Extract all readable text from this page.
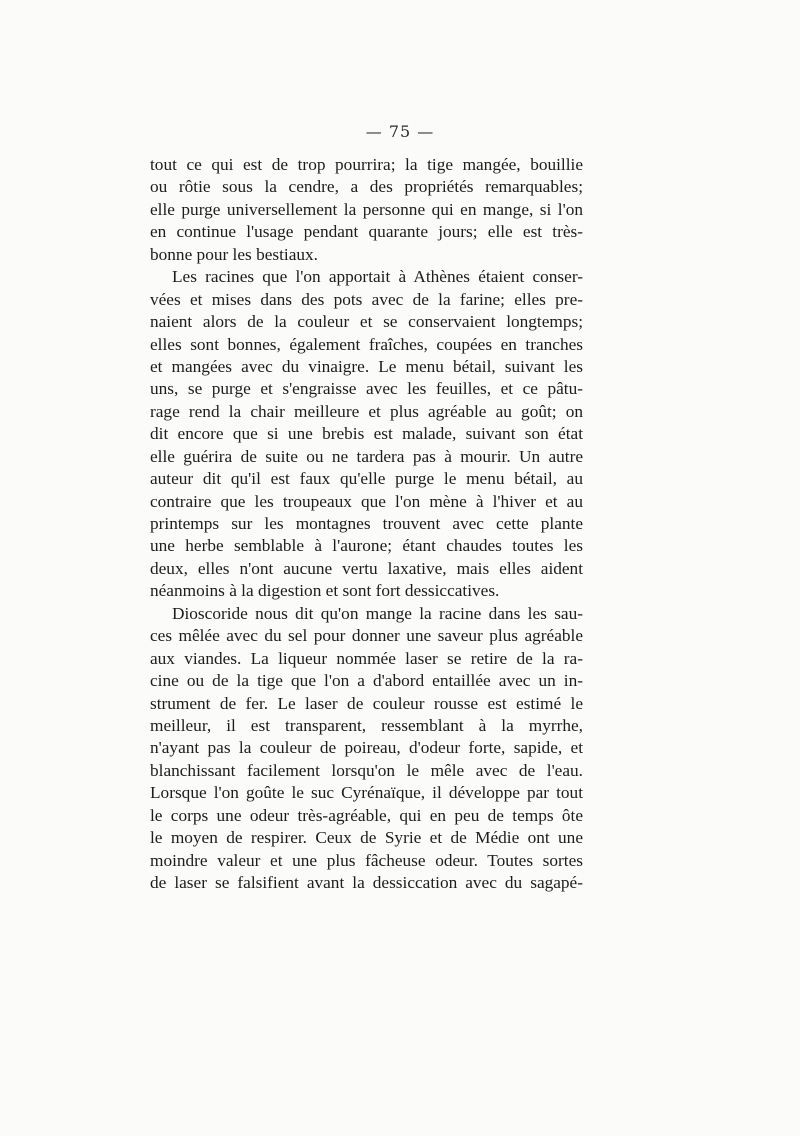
— 75 —
tout ce qui est de trop pourrira; la tige mangée, bouillie
ou rôtie sous la cendre, a des propriétés remarquables;
elle purge universellement la personne qui en mange, si l'on
en continue l'usage pendant quarante jours; elle est très-
bonne pour les bestiaux.
Les racines que l'on apportait à Athènes étaient conser-
vées et mises dans des pots avec de la farine; elles pre-
naient alors de la couleur et se conservaient longtemps;
elles sont bonnes, également fraîches, coupées en tranches
et mangées avec du vinaigre. Le menu bétail, suivant les
uns, se purge et s'engraisse avec les feuilles, et ce pâtu-
rage rend la chair meilleure et plus agréable au goût; on
dit encore que si une brebis est malade, suivant son état
elle guérira de suite ou ne tardera pas à mourir. Un autre
auteur dit qu'il est faux qu'elle purge le menu bétail, au
contraire que les troupeaux que l'on mène à l'hiver et au
printemps sur les montagnes trouvent avec cette plante
une herbe semblable à l'aurone; étant chaudes toutes les
deux, elles n'ont aucune vertu laxative, mais elles aident
néanmoins à la digestion et sont fort dessiccatives.
Dioscoride nous dit qu'on mange la racine dans les sau-
ces mêlée avec du sel pour donner une saveur plus agréable
aux viandes. La liqueur nommée laser se retire de la ra-
cine ou de la tige que l'on a d'abord entaillée avec un in-
strument de fer. Le laser de couleur rousse est estimé le
meilleur, il est transparent, ressemblant à la myrrhe,
n'ayant pas la couleur de poireau, d'odeur forte, sapide, et
blanchissant facilement lorsqu'on le mêle avec de l'eau.
Lorsque l'on goûte le suc Cyrénaïque, il développe par tout
le corps une odeur très-agréable, qui en peu de temps ôte
le moyen de respirer. Ceux de Syrie et de Médie ont une
moindre valeur et une plus fâcheuse odeur. Toutes sortes
de laser se falsifient avant la dessiccation avec du sagapé-
